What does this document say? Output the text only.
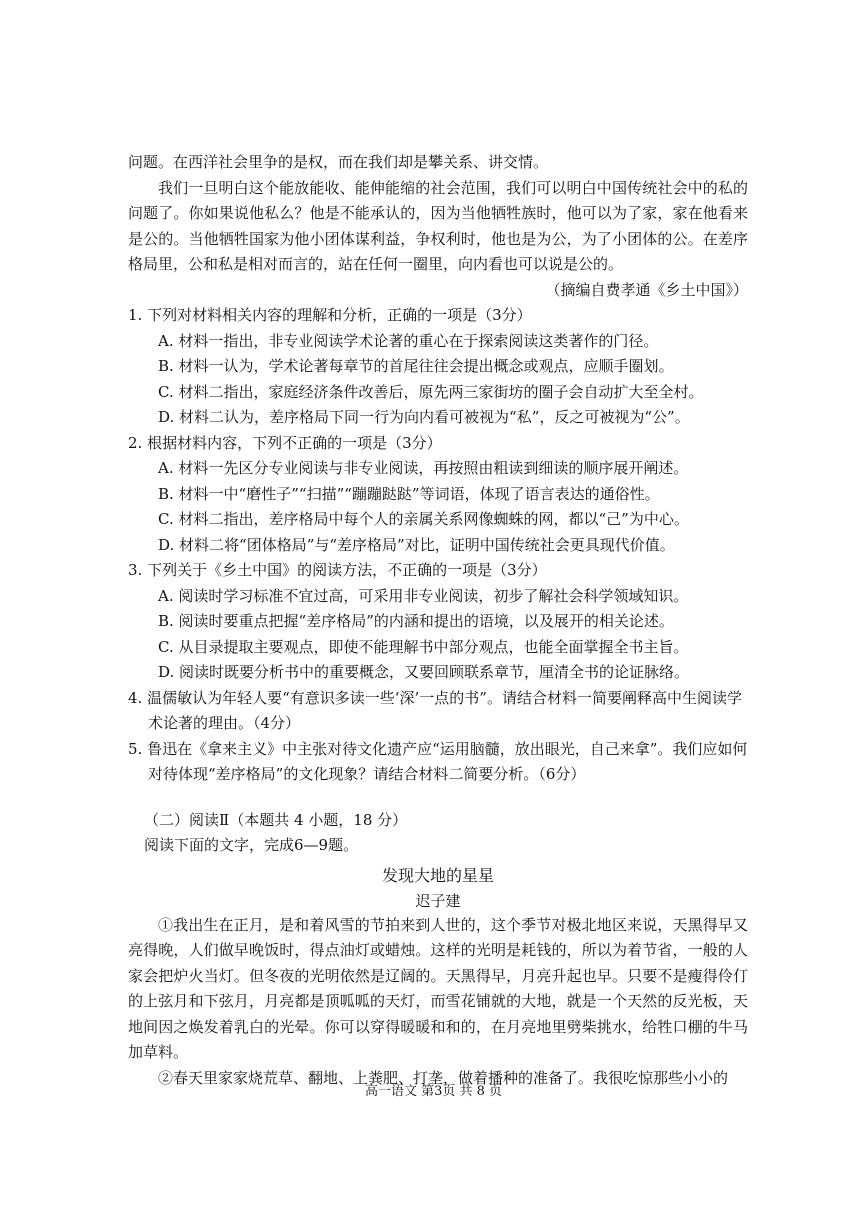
问题。在西洋社会里争的是权，而在我们却是攀关系、讲交情。

我们一旦明白这个能放能收、能伸能缩的社会范围，我们可以明白中国传统社会中的私的问题了。你如果说他私么？他是不能承认的，因为当他牺牲族时，他可以为了家，家在他看来是公的。当他牺牲国家为他小团体谋利益，争权利时，他也是为公，为了小团体的公。在差序格局里，公和私是相对而言的，站在任何一圈里，向内看也可以说是公的。

（摘编自费孝通《乡土中国》）

1. 下列对材料相关内容的理解和分析，正确的一项是（3分）

A. 材料一指出，非专业阅读学术论著的重心在于探索阅读这类著作的门径。

B. 材料一认为，学术论著每章节的首尾往往会提出概念或观点，应顺手圈划。

C. 材料二指出，家庭经济条件改善后，原先两三家街坊的圈子会自动扩大至全村。

D. 材料二认为，差序格局下同一行为向内看可被视为“私”，反之可被视为“公”。

2. 根据材料内容，下列不正确的一项是（3分）

A. 材料一先区分专业阅读与非专业阅读，再按照由粗读到细读的顺序展开阐述。

B. 材料一中“磨性子”“扫描”“蹦蹦跶跶”等词语，体现了语言表达的通俗性。

C. 材料二指出，差序格局中每个人的亲属关系网像蜘蛛的网，都以“己”为中心。

D. 材料二将“团体格局”与“差序格局”对比，证明中国传统社会更具现代价值。

3. 下列关于《乡土中国》的阅读方法，不正确的一项是（3分）

A. 阅读时学习标准不宜过高，可采用非专业阅读，初步了解社会科学领域知识。

B. 阅读时要重点把握“差序格局”的内涵和提出的语境，以及展开的相关论述。

C. 从目录提取主要观点，即使不能理解书中部分观点，也能全面掌握全书主旨。

D. 阅读时既要分析书中的重要概念，又要回顾联系章节，厘清全书的论证脉络。

4. 温儒敏认为年轻人要“有意识多读一些‘深’一点的书”。请结合材料一简要阐释高中生阅读学术论著的理由。（4分）

5. 鲁迅在《拿来主义》中主张对待文化遗产应“运用脑髓，放出眼光，自己来拿”。我们应如何对待体现“差序格局”的文化现象？请结合材料二简要分析。（6分）

（二）阅读Ⅱ（本题共 4 小题，18 分）

阅读下面的文字，完成6—9题。

发现大地的星星

迟子建

①我出生在正月，是和着风雪的节拍来到人世的，这个季节对极北地区来说，天黑得早又亮得晚，人们做早晚饭时，得点油灯或蜡烛。这样的光明是耗钱的，所以为着节省，一般的人家会把炉火当灯。但冬夜的光明依然是辽阔的。天黑得早，月亮升起也早。只要不是瘦得伶仃的上弦月和下弦月，月亮都是顶呱呱的天灯，而雪花铺就的大地，就是一个天然的反光板，天地间因之焕发着乳白的光晕。你可以穿得暖暖和和的，在月亮地里劈柴挑水，给牲口棚的牛马加草料。

②春天里家家烧荒草、翻地、上粪肥、打垄，做着播种的准备了。我很吃惊那些小小的

高一语文 第3页 共 8 页
